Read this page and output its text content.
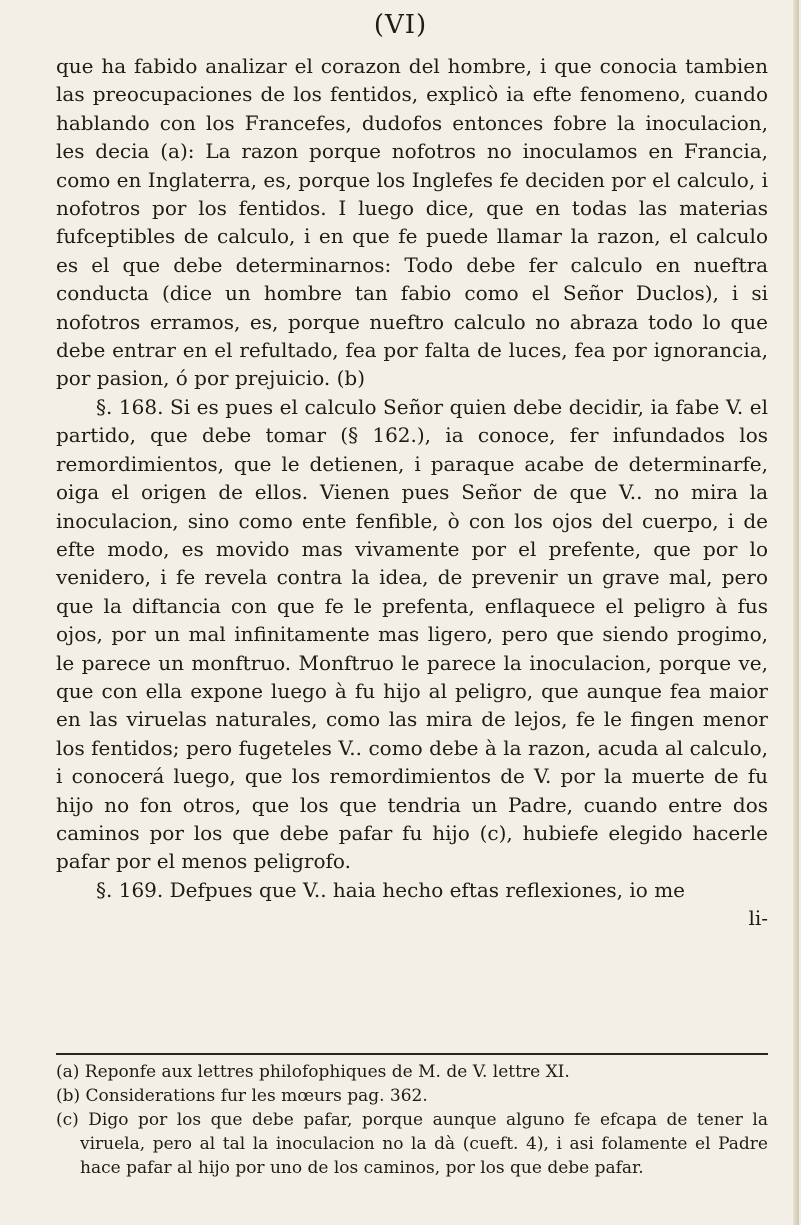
(VI)

que ha fabido analizar el corazon del hombre, i que conocia tambien las preocupaciones de los fentidos, explicò ia efte fenomeno, cuando hablando con los Francefes, dudofos entonces fobre la inoculacion, les decia (a): La razon porque nofotros no inoculamos en Francia, como en Inglaterra, es, porque los Inglefes fe deciden por el calculo, i nofotros por los fentidos. I luego dice, que en todas las materias fufceptibles de calculo, i en que fe puede llamar la razon, el calculo es el que debe determinarnos: Todo debe fer calculo en nueftra conducta (dice un hombre tan fabio como el Señor Duclos), i si nofotros erramos, es, porque nueftro calculo no abraza todo lo que debe entrar en el refultado, fea por falta de luces, fea por ignorancia, por pasion, ó por prejuicio. (b)

§. 168. Si es pues el calculo Señor quien debe decidir, ia fabe V. el partido, que debe tomar (§ 162.), ia conoce, fer infundados los remordimientos, que le detienen, i paraque acabe de determinarfe, oiga el origen de ellos. Vienen pues Señor de que V.. no mira la inoculacion, sino como ente fenfible, ò con los ojos del cuerpo, i de efte modo, es movido mas vivamente por el prefente, que por lo venidero, i fe revela contra la idea, de prevenir un grave mal, pero que la diftancia con que fe le prefenta, enflaquece el peligro à fus ojos, por un mal infinitamente mas ligero, pero que siendo progimo, le parece un monftruo. Monftruo le parece la inoculacion, porque ve, que con ella expone luego à fu hijo al peligro, que aunque fea maior en las viruelas naturales, como las mira de lejos, fe le fingen menor los fentidos; pero fugeteles V.. como debe à la razon, acuda al calculo, i conocerá luego, que los remordimientos de V. por la muerte de fu hijo no fon otros, que los que tendria un Padre, cuando entre dos caminos por los que debe pafar fu hijo (c), hubiefe elegido hacerle pafar por el menos peligrofo.

§. 169. Defpues que V.. haia hecho eftas reflexiones, io me

li-

(a) Reponfe aux lettres philofophiques de M. de V. lettre XI.

(b) Considerations fur les mœurs pag. 362.

(c) Digo por los que debe pafar, porque aunque alguno fe efcapa de tener la viruela, pero al tal la inoculacion no la dà (cueft. 4), i asi folamente el Padre hace pafar al hijo por uno de los caminos, por los que debe pafar.
